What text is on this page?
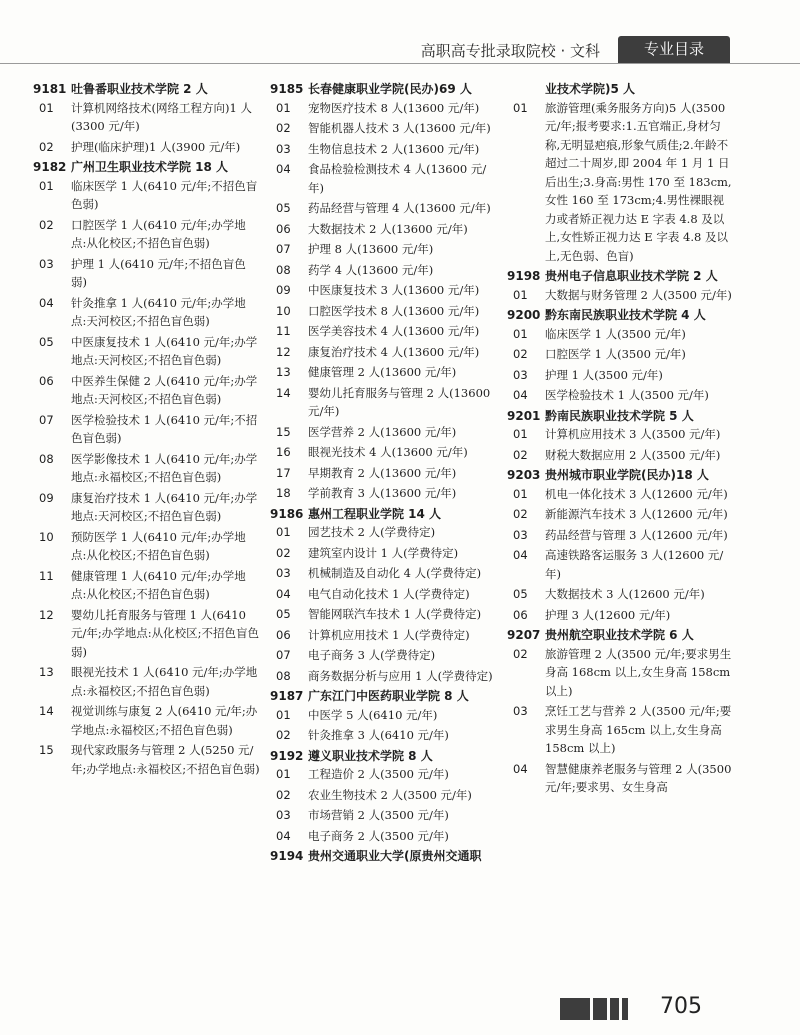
高职高专批录取院校 · 文科	专业目录
9181 吐鲁番职业技术学院 2 人
01	计算机网络技术(网络工程方向)1 人(3300 元/年)
02	护理(临床护理)1 人(3900 元/年)
9182 广州卫生职业技术学院 18 人
01	临床医学 1 人(6410 元/年;不招色盲色弱)
02	口腔医学 1 人(6410 元/年;办学地点:从化校区;不招色盲色弱)
03	护理 1 人(6410 元/年;不招色盲色弱)
04	针灸推拿 1 人(6410 元/年;办学地点:天河校区;不招色盲色弱)
05	中医康复技术 1 人(6410 元/年;办学地点:天河校区;不招色盲色弱)
06	中医养生保健 2 人(6410 元/年;办学地点:天河校区;不招色盲色弱)
07	医学检验技术 1 人(6410 元/年;不招色盲色弱)
08	医学影像技术 1 人(6410 元/年;办学地点:永福校区;不招色盲色弱)
09	康复治疗技术 1 人(6410 元/年;办学地点:天河校区;不招色盲色弱)
10	预防医学 1 人(6410 元/年;办学地点:从化校区;不招色盲色弱)
11	健康管理 1 人(6410 元/年;办学地点:从化校区;不招色盲色弱)
12	婴幼儿托育服务与管理 1 人(6410 元/年;办学地点:从化校区;不招色盲色弱)
13	眼视光技术 1 人(6410 元/年;办学地点:永福校区;不招色盲色弱)
14	视觉训练与康复 2 人(6410 元/年;办学地点:永福校区;不招色盲色弱)
15	现代家政服务与管理 2 人(5250 元/年;办学地点:永福校区;不招色盲色弱)
9185 长春健康职业学院(民办)69 人
01	宠物医疗技术 8 人(13600 元/年)
02	智能机器人技术 3 人(13600 元/年)
03	生物信息技术 2 人(13600 元/年)
04	食品检验检测技术 4 人(13600 元/年)
05	药品经营与管理 4 人(13600 元/年)
06	大数据技术 2 人(13600 元/年)
07	护理 8 人(13600 元/年)
08	药学 4 人(13600 元/年)
09	中医康复技术 3 人(13600 元/年)
10	口腔医学技术 8 人(13600 元/年)
11	医学美容技术 4 人(13600 元/年)
12	康复治疗技术 4 人(13600 元/年)
13	健康管理 2 人(13600 元/年)
14	婴幼儿托育服务与管理 2 人(13600 元/年)
15	医学营养 2 人(13600 元/年)
16	眼视光技术 4 人(13600 元/年)
17	早期教育 2 人(13600 元/年)
18	学前教育 3 人(13600 元/年)
9186 惠州工程职业学院 14 人
01	园艺技术 2 人(学费待定)
02	建筑室内设计 1 人(学费待定)
03	机械制造及自动化 4 人(学费待定)
04	电气自动化技术 1 人(学费待定)
05	智能网联汽车技术 1 人(学费待定)
06	计算机应用技术 1 人(学费待定)
07	电子商务 3 人(学费待定)
08	商务数据分析与应用 1 人(学费待定)
9187 广东江门中医药职业学院 8 人
01	中医学 5 人(6410 元/年)
02	针灸推拿 3 人(6410 元/年)
9192 遵义职业技术学院 8 人
01	工程造价 2 人(3500 元/年)
02	农业生物技术 2 人(3500 元/年)
03	市场营销 2 人(3500 元/年)
04	电子商务 2 人(3500 元/年)
9194 贵州交通职业大学(原贵州交通职
业技术学院)5 人
01	旅游管理(乘务服务方向)5 人(3500 元/年;报考要求:1.五官端正,身材匀称,无明显疤痕,形象气质佳;2.年龄不超过二十周岁,即 2004 年 1 月 1 日后出生;3.身高:男性 170 至 183cm,女性 160 至 173cm;4.男性裸眼视力或者矫正视力达 E 字表 4.8 及以上,女性矫正视力达 E 字表 4.8 及以上,无色弱、色盲)
9198 贵州电子信息职业技术学院 2 人
01	大数据与财务管理 2 人(3500 元/年)
9200 黔东南民族职业技术学院 4 人
01	临床医学 1 人(3500 元/年)
02	口腔医学 1 人(3500 元/年)
03	护理 1 人(3500 元/年)
04	医学检验技术 1 人(3500 元/年)
9201 黔南民族职业技术学院 5 人
01	计算机应用技术 3 人(3500 元/年)
02	财税大数据应用 2 人(3500 元/年)
9203 贵州城市职业学院(民办)18 人
01	机电一体化技术 3 人(12600 元/年)
02	新能源汽车技术 3 人(12600 元/年)
03	药品经营与管理 3 人(12600 元/年)
04	高速铁路客运服务 3 人(12600 元/年)
05	大数据技术 3 人(12600 元/年)
06	护理 3 人(12600 元/年)
9207 贵州航空职业技术学院 6 人
02	旅游管理 2 人(3500 元/年;要求男生身高 168cm 以上,女生身高 158cm 以上)
03	烹饪工艺与营养 2 人(3500 元/年;要求男生身高 165cm 以上,女生身高 158cm 以上)
04	智慧健康养老服务与管理 2 人(3500 元/年;要求男、女生身高
705
